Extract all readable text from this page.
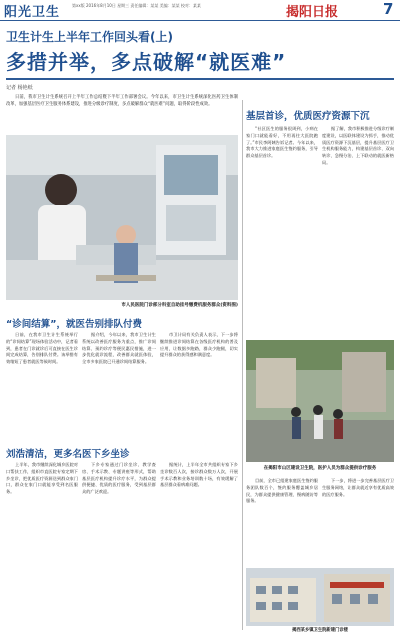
阳光卫生	第xx版 2016年8月10日 星期三 责任编辑：某某 美编：某某 校对：某某	揭阳日报	7
卫生计生上半年工作回头看(上)
多措并举，多点破解“就医难”
记者 杨艳纸
日前，我市卫生计生系统召开上半年工作总结暨下半年工作部署会议。今年以来，市卫生计生系统深化医药卫生体制改革，加强基层医疗卫生服务体系建设，推进分级诊疗制度，多点破解群众“就医难”问题，取得阶段性成效。
市人民医院门诊部分科室自助挂号缴费机服务群众(资料图)
“诊间结算”，就医告别排队付费
日前，在我市卫生计生系统举行的“诊间结算”现场体验活动中，记者看到，患者在门诊就诊后可直接在医生诊间完成结算，告别排队付费。该举措有效缩短了患者就医等候时间。
据介绍，今年以来，我市卫生计生系统以改善医疗服务为重点，推广诊间结算、预约诊疗等便民惠民措施，进一步优化就诊流程，改善群众就医体验，全市多家医院已开通诊间结算服务。
市卫计局有关负责人表示，下一步将继续推进诊间结算在各级医疗机构的普及应用，让数据多跑路，群众少跑腿，切实提升群众的获得感和满意度。
刘浩清洁，更多名医下乡坐诊
上半年，我市继续深化城乡医院对口帮扶工作，组织市直医院专家定期下乡坐诊，把优质医疗资源送到群众家门口，群众在家门口就能享受到名医服务。
下乡专家通过门诊坐诊、教学查房、手术示教、专题讲座等形式，帮助基层医疗机构提升诊疗水平，为群众提供便捷、优质的医疗服务，受到基层群众的广泛欢迎。
据统计，上半年全市共组织专家下乡坐诊数百人次，接诊群众数万人次，开展手术示教和业务培训数十场，有效缓解了基层群众看病难问题。
基层首诊，优质医疗资源下沉
“社区医生的服务很周到，小病在家门口就能看好，不用再往大医院跑了。”市民李阿姨告诉记者。今年以来，我市大力推进家庭医生签约服务，引导群众基层首诊。
据了解，我市积极推进分级诊疗制度建设，以医联体建设为抓手，推动优质医疗资源下沉基层，提升基层医疗卫生机构服务能力，构建基层首诊、双向转诊、急慢分治、上下联动的就医新格局。
在揭阳市山区建设卫生院，医护人员为群众提供诊疗服务
目前，全市已组建家庭医生签约服务团队数百个，签约服务覆盖城乡居民，为群众提供健康管理、慢病随访等服务。
下一步，将进一步完善基层医疗卫生服务网络，让群众就近享有优质高效的医疗服务。
揭西某乡镇卫生院新建门诊楼
